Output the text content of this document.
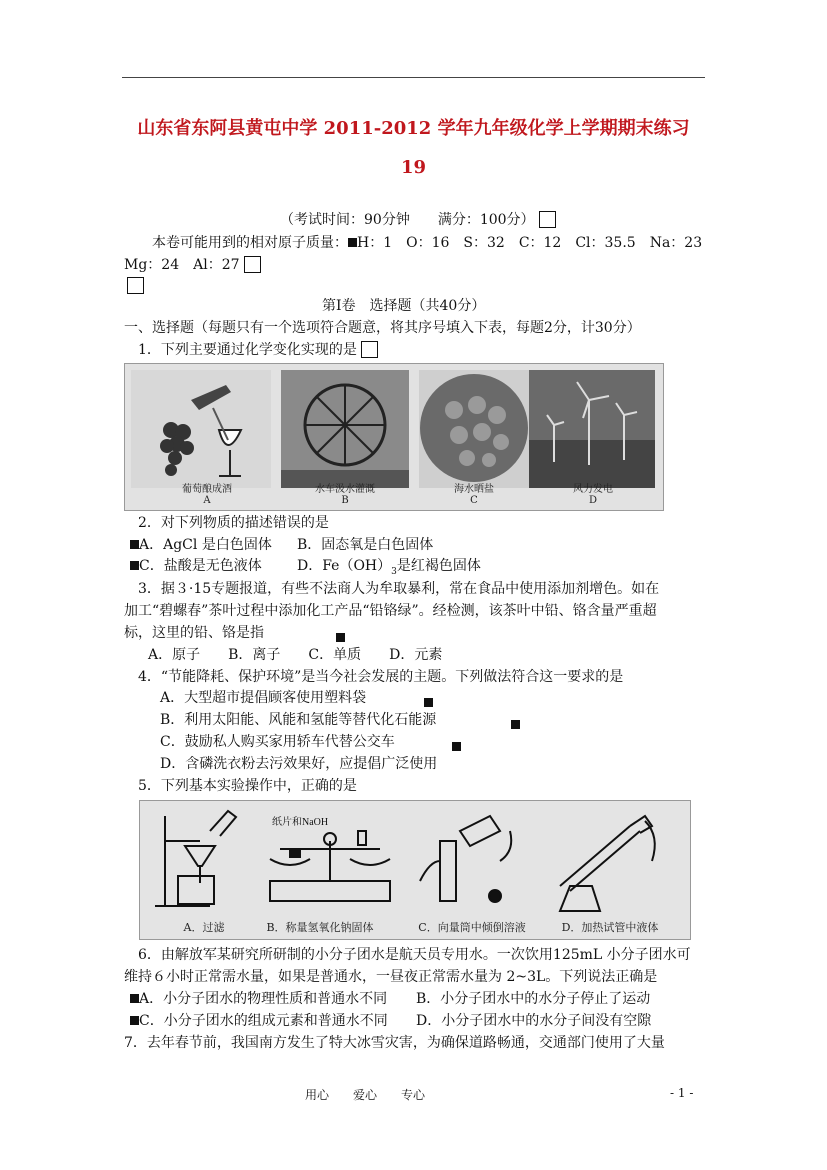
山东省东阿县黄屯中学 2011-2012 学年九年级化学上学期期末练习
19
（考试时间：90分钟　　满分：100分）
本卷可能用到的相对原子质量： H：1　O：16　S：32　C：12　Cl：35.5　Na：23
Mg：24　Al：27
第Ⅰ卷　选择题（共40分）
一、选择题（每题只有一个选项符合题意，将其序号填入下表，每题2分，计30分）
1．下列主要通过化学变化实现的是
葡萄酿成酒	水车汲水灌溉	海水晒盐	风力发电
A	B	C	D
2．对下列物质的描述错误的是
A．AgCl 是白色固体 B．固态氧是白色固体
C．盐酸是无色液体	D．$Fe(OH)_3$是红褐色固体
3．据３·15专题报道，有些不法商人为牟取暴利，常在食品中使用添加剂增色。如在
加工“碧螺春”茶叶过程中添加化工产品“铅铬绿”。经检测，该茶叶中铅、铬含量严重超
标，这里的铅、铬是指
A．原子　　B．离子　　C．单质　　D．元素
4．“节能降耗、保护环境”是当今社会发展的主题。下列做法符合这一要求的是
A．大型超市提倡顾客使用塑料袋
B．利用太阳能、风能和氢能等替代化石能源
C．鼓励私人购买家用轿车代替公交车
D．含磷洗衣粉去污效果好，应提倡广泛使用
5．下列基本实验操作中，正确的是
纸片和NaOH
A．过滤	B．称量氢氧化钠固体	C．向量筒中倾倒溶液	D．加热试管中液体
6．由解放军某研究所研制的小分子团水是航天员专用水。一次饮用125mL 小分子团水可
维持６小时正常需水量，如果是普通水，一昼夜正常需水量为 2~3L。下列说法正确是
A．小分子团水的物理性质和普通水不同 B．小分子团水中的水分子停止了运动
C．小分子团水的组成元素和普通水不同 D．小分子团水中的水分子间没有空隙
7．去年春节前，我国南方发生了特大冰雪灾害，为确保道路畅通，交通部门使用了大量
用心　　爱心　　专心	- 1 -
